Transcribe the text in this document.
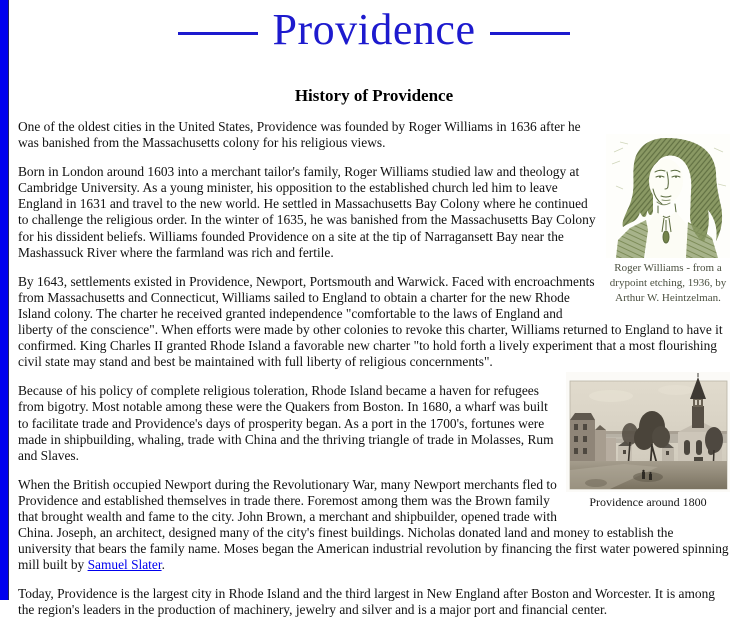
Providence
History of Providence
Roger Williams - from a drypoint etching, 1936, by Arthur W. Heintzelman.

One of the oldest cities in the United States, Providence was founded by Roger Williams in 1636 after he was banished from the Massachusetts colony for his religious views.

Born in London around 1603 into a merchant tailor's family, Roger Williams studied law and theology at Cambridge University. As a young minister, his opposition to the established church led him to leave England in 1631 and travel to the new world. He settled in Massachusetts Bay Colony where he continued to challenge the religious order. In the winter of 1635, he was banished from the Massachusetts Bay Colony for his dissident beliefs. Williams founded Providence on a site at the tip of Narragansett Bay near the Mashassuck River where the farmland was rich and fertile.

By 1643, settlements existed in Providence, Newport, Portsmouth and Warwick. Faced with encroachments from Massachusetts and Connecticut, Williams sailed to England to obtain a charter for the new Rhode Island colony. The charter he received granted independence "comfortable to the laws of England and liberty of the conscience". When efforts were made by other colonies to revoke this charter, Williams returned to England to have it confirmed. King Charles II granted Rhode Island a favorable new charter "to hold forth a lively experiment that a most flourishing civil state may stand and best be maintained with full liberty of religious concernments".

Providence around 1800

Because of his policy of complete religious toleration, Rhode Island became a haven for refugees from bigotry. Most notable among these were the Quakers from Boston. In 1680, a wharf was built to facilitate trade and Providence's days of prosperity began. As a port in the 1700's, fortunes were made in shipbuilding, whaling, trade with China and the thriving triangle of trade in Molasses, Rum and Slaves.

When the British occupied Newport during the Revolutionary War, many Newport merchants fled to Providence and established themselves in trade there. Foremost among them was the Brown family that brought wealth and fame to the city. John Brown, a merchant and shipbuilder, opened trade with China. Joseph, an architect, designed many of the city's finest buildings. Nicholas donated land and money to establish the university that bears the family name. Moses began the American industrial revolution by financing the first water powered spinning mill built by Samuel Slater.

Today, Providence is the largest city in Rhode Island and the third largest in New England after Boston and Worcester. It is among the region's leaders in the production of machinery, jewelry and silver and is a major port and financial center.
